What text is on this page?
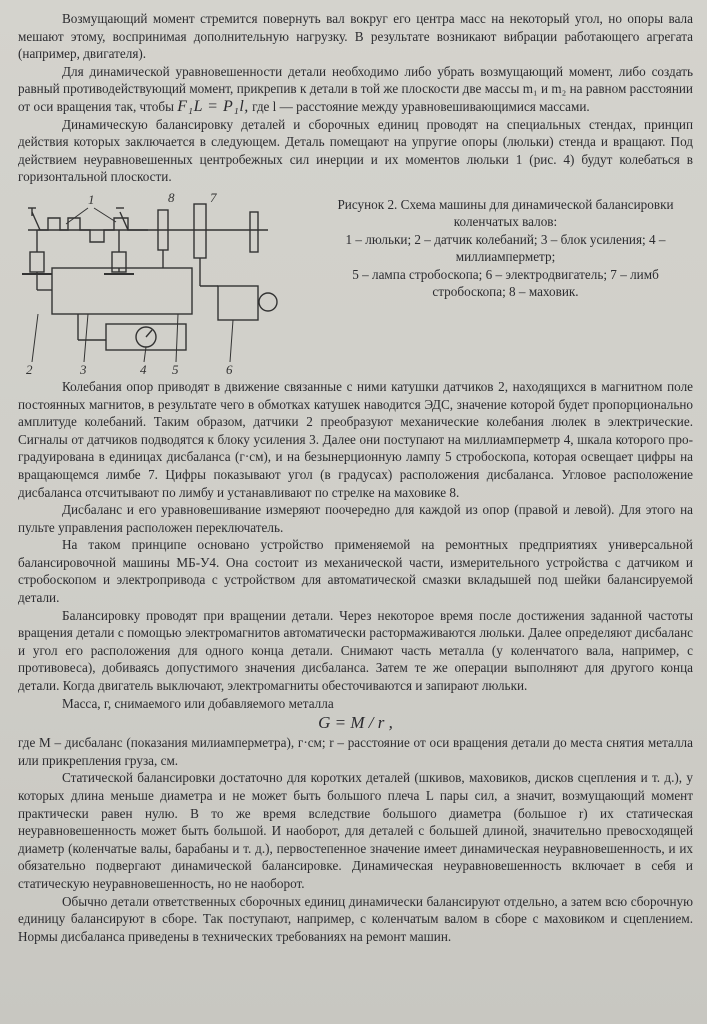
Возмущающий момент стремится повернуть вал вокруг его центра масс на некоторый угол, но опоры вала мешают этому, воспринимая дополнительную нагрузку. В результате возникают вибрации работающего агрегата (например, двигателя).

Для динамической уравновешенности детали необходимо либо убрать возмущающий момент, либо создать равный противодействующий момент, прикрепив к детали в той же плоскости две массы m₁ и m₂ на равном расстоянии от оси вращения так, чтобы F₁L = P₁l, где l — расстояние между уравновешивающимися массами.

Динамическую балансировку деталей и сборочных единиц проводят на специальных стендах, принцип действия которых заключается в следующем. Деталь помещают на упругие опоры (люльки) стенда и вращают. Под действием неуравновешенных центробежных сил инерции и их моментов люльки 1 (рис. 4) будут колебаться в горизонтальной плоскости.

1	8	7
2	3	4 5	6
Рисунок 2. Схема машины для динамической балансировки коленчатых валов:
1 – люльки; 2 – датчик колебаний; 3 – блок усиления; 4 – миллиамперметр;
5 – лампа стробоскопа; 6 – электродвигатель; 7 – лимб стробоскопа; 8 – маховик.

Колебания опор приводят в движение связанные с ними катушки датчиков 2, находящихся в магнитном поле постоянных магнитов, в результате чего в обмотках катушек наводится ЭДС, значение которой будет пропорционально амплитуде колебаний. Таким образом, датчики 2 преобразуют механические колебания люлек в электрические. Сигналы от датчиков подводятся к блоку усиления 3. Далее они поступают на миллиамперметр 4, шкала которого про-градуирована в единицах дисбаланса (г·см), и на безынерционную лампу 5 стробоскопа, которая освещает цифры на вращающемся лимбе 7. Цифры показывают угол (в градусах) расположения дисбаланса. Угловое расположение дисбаланса отсчитывают по лимбу и устанавливают по стрелке на маховике 8.

Дисбаланс и его уравновешивание измеряют поочередно для каждой из опор (правой и левой). Для этого на пульте управления расположен переключатель.

На таком принципе основано устройство применяемой на ремонтных предприятиях универсальной балансировочной машины МБ-У4. Она состоит из механической части, измерительного устройства с датчиком и стробоскопом и электропривода с устройством для автоматической смазки вкладышей под шейки балансируемой детали.

Балансировку проводят при вращении детали. Через некоторое время после достижения заданной частоты вращения детали с помощью электромагнитов автоматически растормаживаются люльки. Далее определяют дисбаланс и угол его расположения для одного конца детали. Снимают часть металла (у коленчатого вала, например, с противовеса), добиваясь допустимого значения дисбаланса. Затем те же операции выполняют для другого конца детали. Когда двигатель выключают, электромагниты обесточиваются и запирают люльки.

Масса, г, снимаемого или добавляемого металла

G = M / r ,

где M – дисбаланс (показания милиамперметра), г·см; r – расстояние от оси вращения детали до места снятия металла или прикрепления груза, см.

Статической балансировки достаточно для коротких деталей (шкивов, маховиков, дисков сцепления и т. д.), у которых длина меньше диаметра и не может быть большого плеча L пары сил, а значит, возмущающий момент практически равен нулю. В то же время вследствие большого диаметра (большое r) их статическая неуравновешенность может быть большой. И наоборот, для деталей с большей длиной, значительно превосходящей диаметр (коленчатые валы, барабаны и т. д.), первостепенное значение имеет динамическая неуравновешенность, и их обязательно подвергают динамической балансировке. Динамическая неуравновешенность включает в себя и статическую неуравновешенность, но не наоборот.

Обычно детали ответственных сборочных единиц динамически балансируют отдельно, а затем всю сборочную единицу балансируют в сборе. Так поступают, например, с коленчатым валом в сборе с маховиком и сцеплением. Нормы дисбаланса приведены в технических требованиях на ремонт машин.
